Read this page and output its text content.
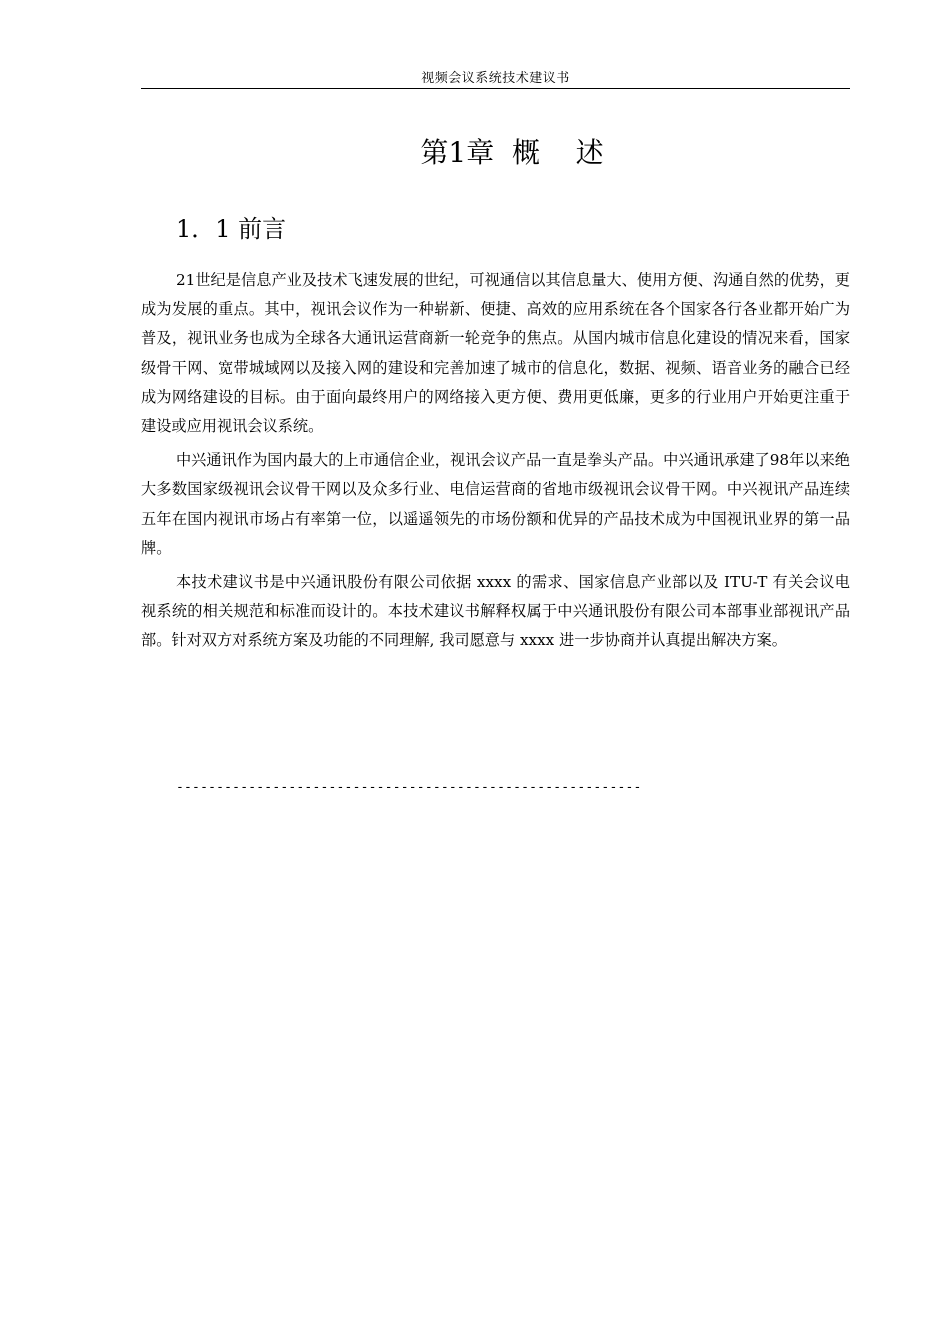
视频会议系统技术建议书
第1章  概    述
1．1 前言

21世纪是信息产业及技术飞速发展的世纪，可视通信以其信息量大、使用方便、沟通自然的优势，更成为发展的重点。其中，视讯会议作为一种崭新、便捷、高效的应用系统在各个国家各行各业都开始广为普及，视讯业务也成为全球各大通讯运营商新一轮竞争的焦点。从国内城市信息化建设的情况来看，国家级骨干网、宽带城域网以及接入网的建设和完善加速了城市的信息化，数据、视频、语音业务的融合已经成为网络建设的目标。由于面向最终用户的网络接入更方便、费用更低廉，更多的行业用户开始更注重于建设或应用视讯会议系统。

中兴通讯作为国内最大的上市通信企业，视讯会议产品一直是拳头产品。中兴通讯承建了98年以来绝大多数国家级视讯会议骨干网以及众多行业、电信运营商的省地市级视讯会议骨干网。中兴视讯产品连续五年在国内视讯市场占有率第一位，以遥遥领先的市场份额和优异的产品技术成为中国视讯业界的第一品牌。

本技术建议书是中兴通讯股份有限公司依据 xxxx 的需求、国家信息产业部以及 ITU-T 有关会议电视系统的相关规范和标准而设计的。本技术建议书解释权属于中兴通讯股份有限公司本部事业部视讯产品部。针对双方对系统方案及功能的不同理解, 我司愿意与 xxxx 进一步协商并认真提出解决方案。

----------------------------------------------------------
